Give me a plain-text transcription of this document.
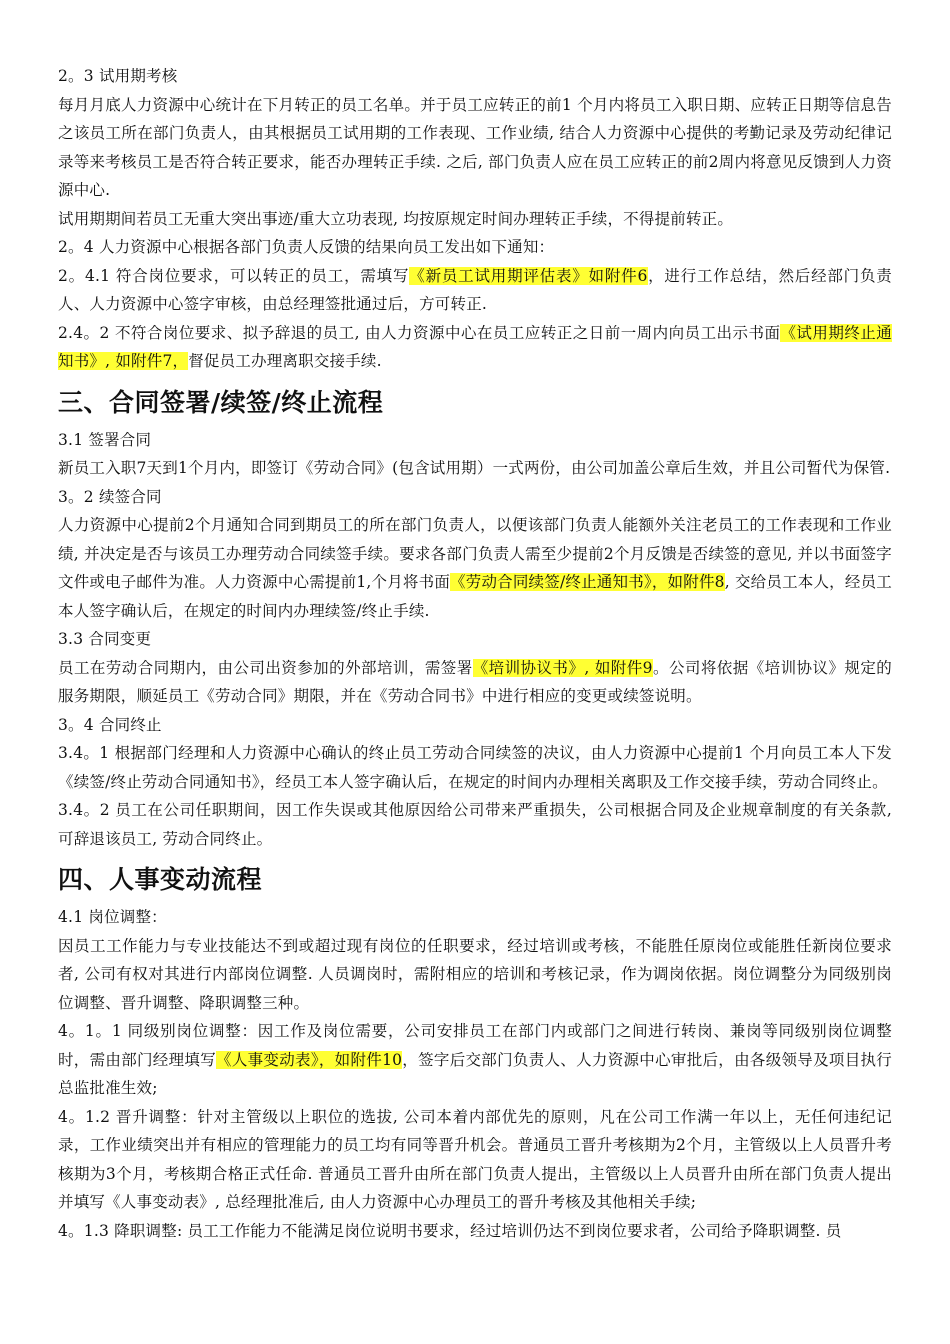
2。3 试用期考核

每月月底人力资源中心统计在下月转正的员工名单。并于员工应转正的前1 个月内将员工入职日期、应转正日期等信息告之该员工所在部门负责人，由其根据员工试用期的工作表现、工作业绩, 结合人力资源中心提供的考勤记录及劳动纪律记录等来考核员工是否符合转正要求，能否办理转正手续. 之后, 部门负责人应在员工应转正的前2周内将意见反馈到人力资源中心.

试用期期间若员工无重大突出事迹/重大立功表现, 均按原规定时间办理转正手续，不得提前转正。

2。4 人力资源中心根据各部门负责人反馈的结果向员工发出如下通知：

2。4.1 符合岗位要求，可以转正的员工，需填写《新员工试用期评估表》如附件6，进行工作总结，然后经部门负责人、人力资源中心签字审核，由总经理签批通过后，方可转正.

2.4。2 不符合岗位要求、拟予辞退的员工, 由人力资源中心在员工应转正之日前一周内向员工出示书面《试用期终止通知书》, 如附件7，督促员工办理离职交接手续.

三、合同签署/续签/终止流程

3.1 签署合同

新员工入职7天到1个月内，即签订《劳动合同》(包含试用期）一式两份，由公司加盖公章后生效，并且公司暂代为保管.

3。2 续签合同

人力资源中心提前2个月通知合同到期员工的所在部门负责人，以便该部门负责人能额外关注老员工的工作表现和工作业绩, 并决定是否与该员工办理劳动合同续签手续。要求各部门负责人需至少提前2个月反馈是否续签的意见, 并以书面签字文件或电子邮件为准。人力资源中心需提前1,个月将书面《劳动合同续签/终止通知书》，如附件8, 交给员工本人，经员工本人签字确认后，在规定的时间内办理续签/终止手续.

3.3 合同变更

员工在劳动合同期内，由公司出资参加的外部培训，需签署《培训协议书》, 如附件9。公司将依据《培训协议》规定的服务期限，顺延员工《劳动合同》期限，并在《劳动合同书》中进行相应的变更或续签说明。

3。4 合同终止

3.4。1 根据部门经理和人力资源中心确认的终止员工劳动合同续签的决议，由人力资源中心提前1 个月向员工本人下发《续签/终止劳动合同通知书》，经员工本人签字确认后，在规定的时间内办理相关离职及工作交接手续，劳动合同终止。

3.4。2 员工在公司任职期间，因工作失误或其他原因给公司带来严重损失，公司根据合同及企业规章制度的有关条款, 可辞退该员工, 劳动合同终止。

四、人事变动流程

4.1 岗位调整：

因员工工作能力与专业技能达不到或超过现有岗位的任职要求，经过培训或考核，不能胜任原岗位或能胜任新岗位要求者, 公司有权对其进行内部岗位调整. 人员调岗时，需附相应的培训和考核记录，作为调岗依据。岗位调整分为同级别岗位调整、晋升调整、降职调整三种。

4。1。1 同级别岗位调整：因工作及岗位需要，公司安排员工在部门内或部门之间进行转岗、兼岗等同级别岗位调整时，需由部门经理填写《人事变动表》，如附件10，签字后交部门负责人、人力资源中心审批后，由各级领导及项目执行总监批准生效;

4。1.2 晋升调整：针对主管级以上职位的选拔, 公司本着内部优先的原则，凡在公司工作满一年以上，无任何违纪记录，工作业绩突出并有相应的管理能力的员工均有同等晋升机会。普通员工晋升考核期为2个月，主管级以上人员晋升考核期为3个月，考核期合格正式任命. 普通员工晋升由所在部门负责人提出，主管级以上人员晋升由所在部门负责人提出并填写《人事变动表》, 总经理批准后, 由人力资源中心办理员工的晋升考核及其他相关手续;

4。1.3 降职调整: 员工工作能力不能满足岗位说明书要求，经过培训仍达不到岗位要求者，公司给予降职调整. 员
